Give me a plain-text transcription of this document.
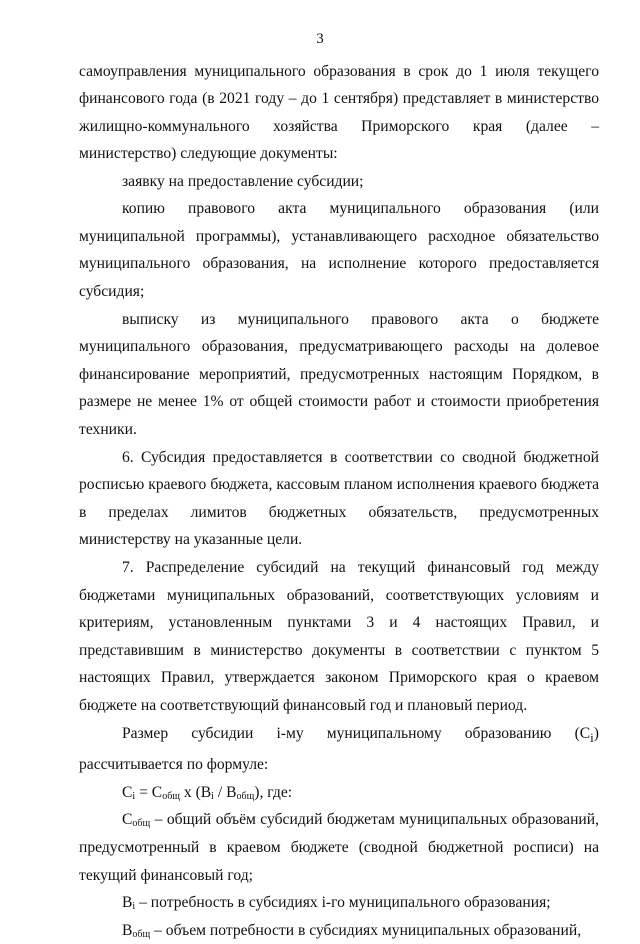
3

самоуправления муниципального образования в срок до 1 июля текущего финансового года (в 2021 году – до 1 сентября) представляет в министерство жилищно-коммунального хозяйства Приморского края (далее – министерство) следующие документы:

заявку на предоставление субсидии;

копию правового акта муниципального образования (или муниципальной программы), устанавливающего расходное обязательство муниципального образования, на исполнение которого предоставляется субсидия;

выписку из муниципального правового акта о бюджете муниципального образования, предусматривающего расходы на долевое финансирование мероприятий, предусмотренных настоящим Порядком, в размере не менее 1% от общей стоимости работ и стоимости приобретения техники.

6. Субсидия предоставляется в соответствии со сводной бюджетной росписью краевого бюджета, кассовым планом исполнения краевого бюджета в пределах лимитов бюджетных обязательств, предусмотренных министерству на указанные цели.

7. Распределение субсидий на текущий финансовый год между бюджетами муниципальных образований, соответствующих условиям и критериям, установленным пунктами 3 и 4 настоящих Правил, и представившим в министерство документы в соответствии с пунктом 5 настоящих Правил, утверждается законом Приморского края о краевом бюджете на соответствующий финансовый год и плановый период.

Размер субсидии i-му муниципальному образованию $(C_i)$ рассчитывается по формуле:

$C_i = C_{общ}$ х $(B_i / B_{общ})$, где:

$C_{общ}$ – общий объём субсидий бюджетам муниципальных образований, предусмотренный в краевом бюджете (сводной бюджетной росписи) на текущий финансовый год;

$B_i$ – потребность в субсидиях i-го муниципального образования;

$B_{общ}$ – объем потребности в субсидиях муниципальных образований,
